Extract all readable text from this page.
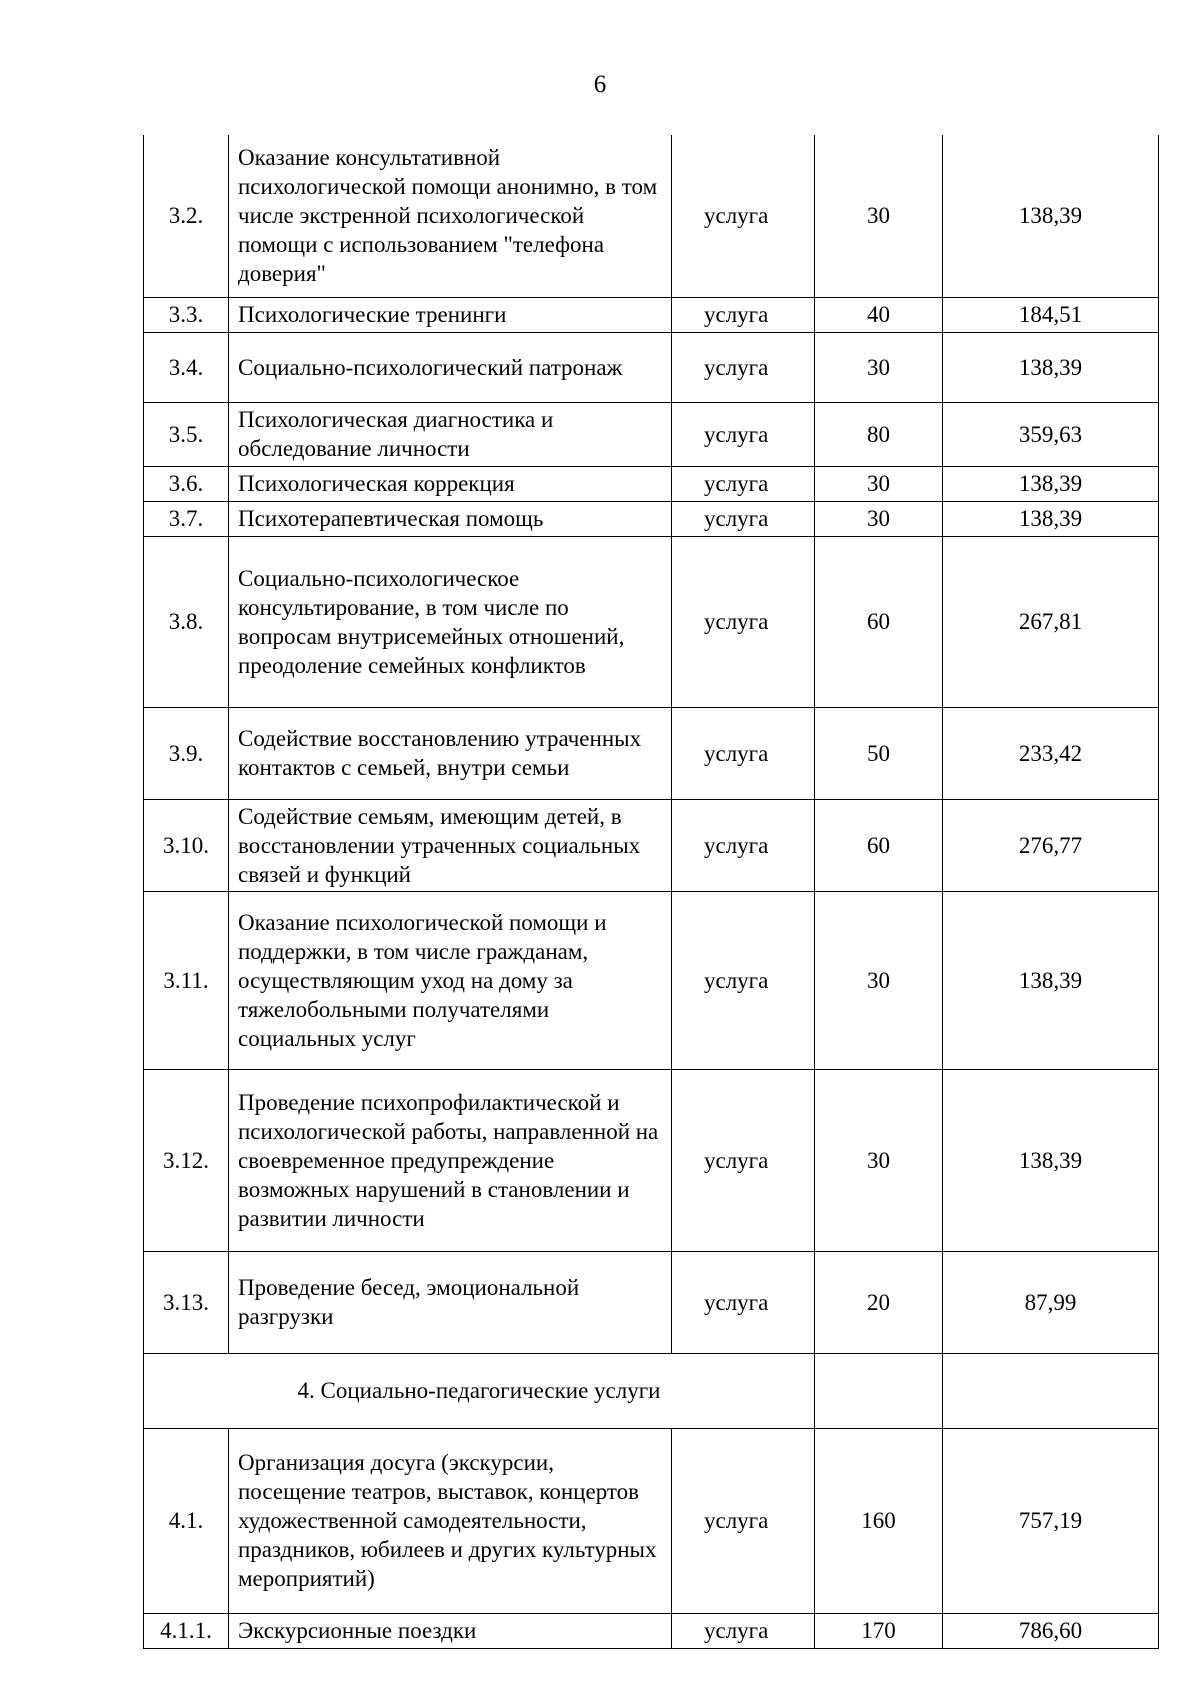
6
3.2.	Оказание консультативной психологической помощи анонимно, в том числе экстренной психологической помощи с использованием "телефона доверия"	услуга	30	138,39
3.3.	Психологические тренинги	услуга	40	184,51
3.4.	Социально-психологический патронаж	услуга	30	138,39
3.5.	Психологическая диагностика и обследование личности	услуга	80	359,63
3.6.	Психологическая коррекция	услуга	30	138,39
3.7.	Психотерапевтическая помощь	услуга	30	138,39
3.8.	Социально-психологическое консультирование, в том числе по вопросам внутрисемейных отношений, преодоление семейных конфликтов	услуга	60	267,81
3.9.	Содействие восстановлению утраченных контактов с семьей, внутри семьи	услуга	50	233,42
3.10.	Содействие семьям, имеющим детей, в восстановлении утраченных социальных связей и функций	услуга	60	276,77
3.11.	Оказание психологической помощи и поддержки, в том числе гражданам, осуществляющим уход на дому за тяжелобольными получателями социальных услуг	услуга	30	138,39
3.12.	Проведение психопрофилактической и психологической работы, направленной на своевременное предупреждение возможных нарушений в становлении и развитии личности	услуга	30	138,39
3.13.	Проведение бесед, эмоциональной разгрузки	услуга	20	87,99
4. Социально-педагогические услуги				
4.1.	Организация досуга (экскурсии, посещение театров, выставок, концертов художественной самодеятельности, праздников, юбилеев и других культурных мероприятий)	услуга	160	757,19
4.1.1.	Экскурсионные поездки	услуга	170	786,60
